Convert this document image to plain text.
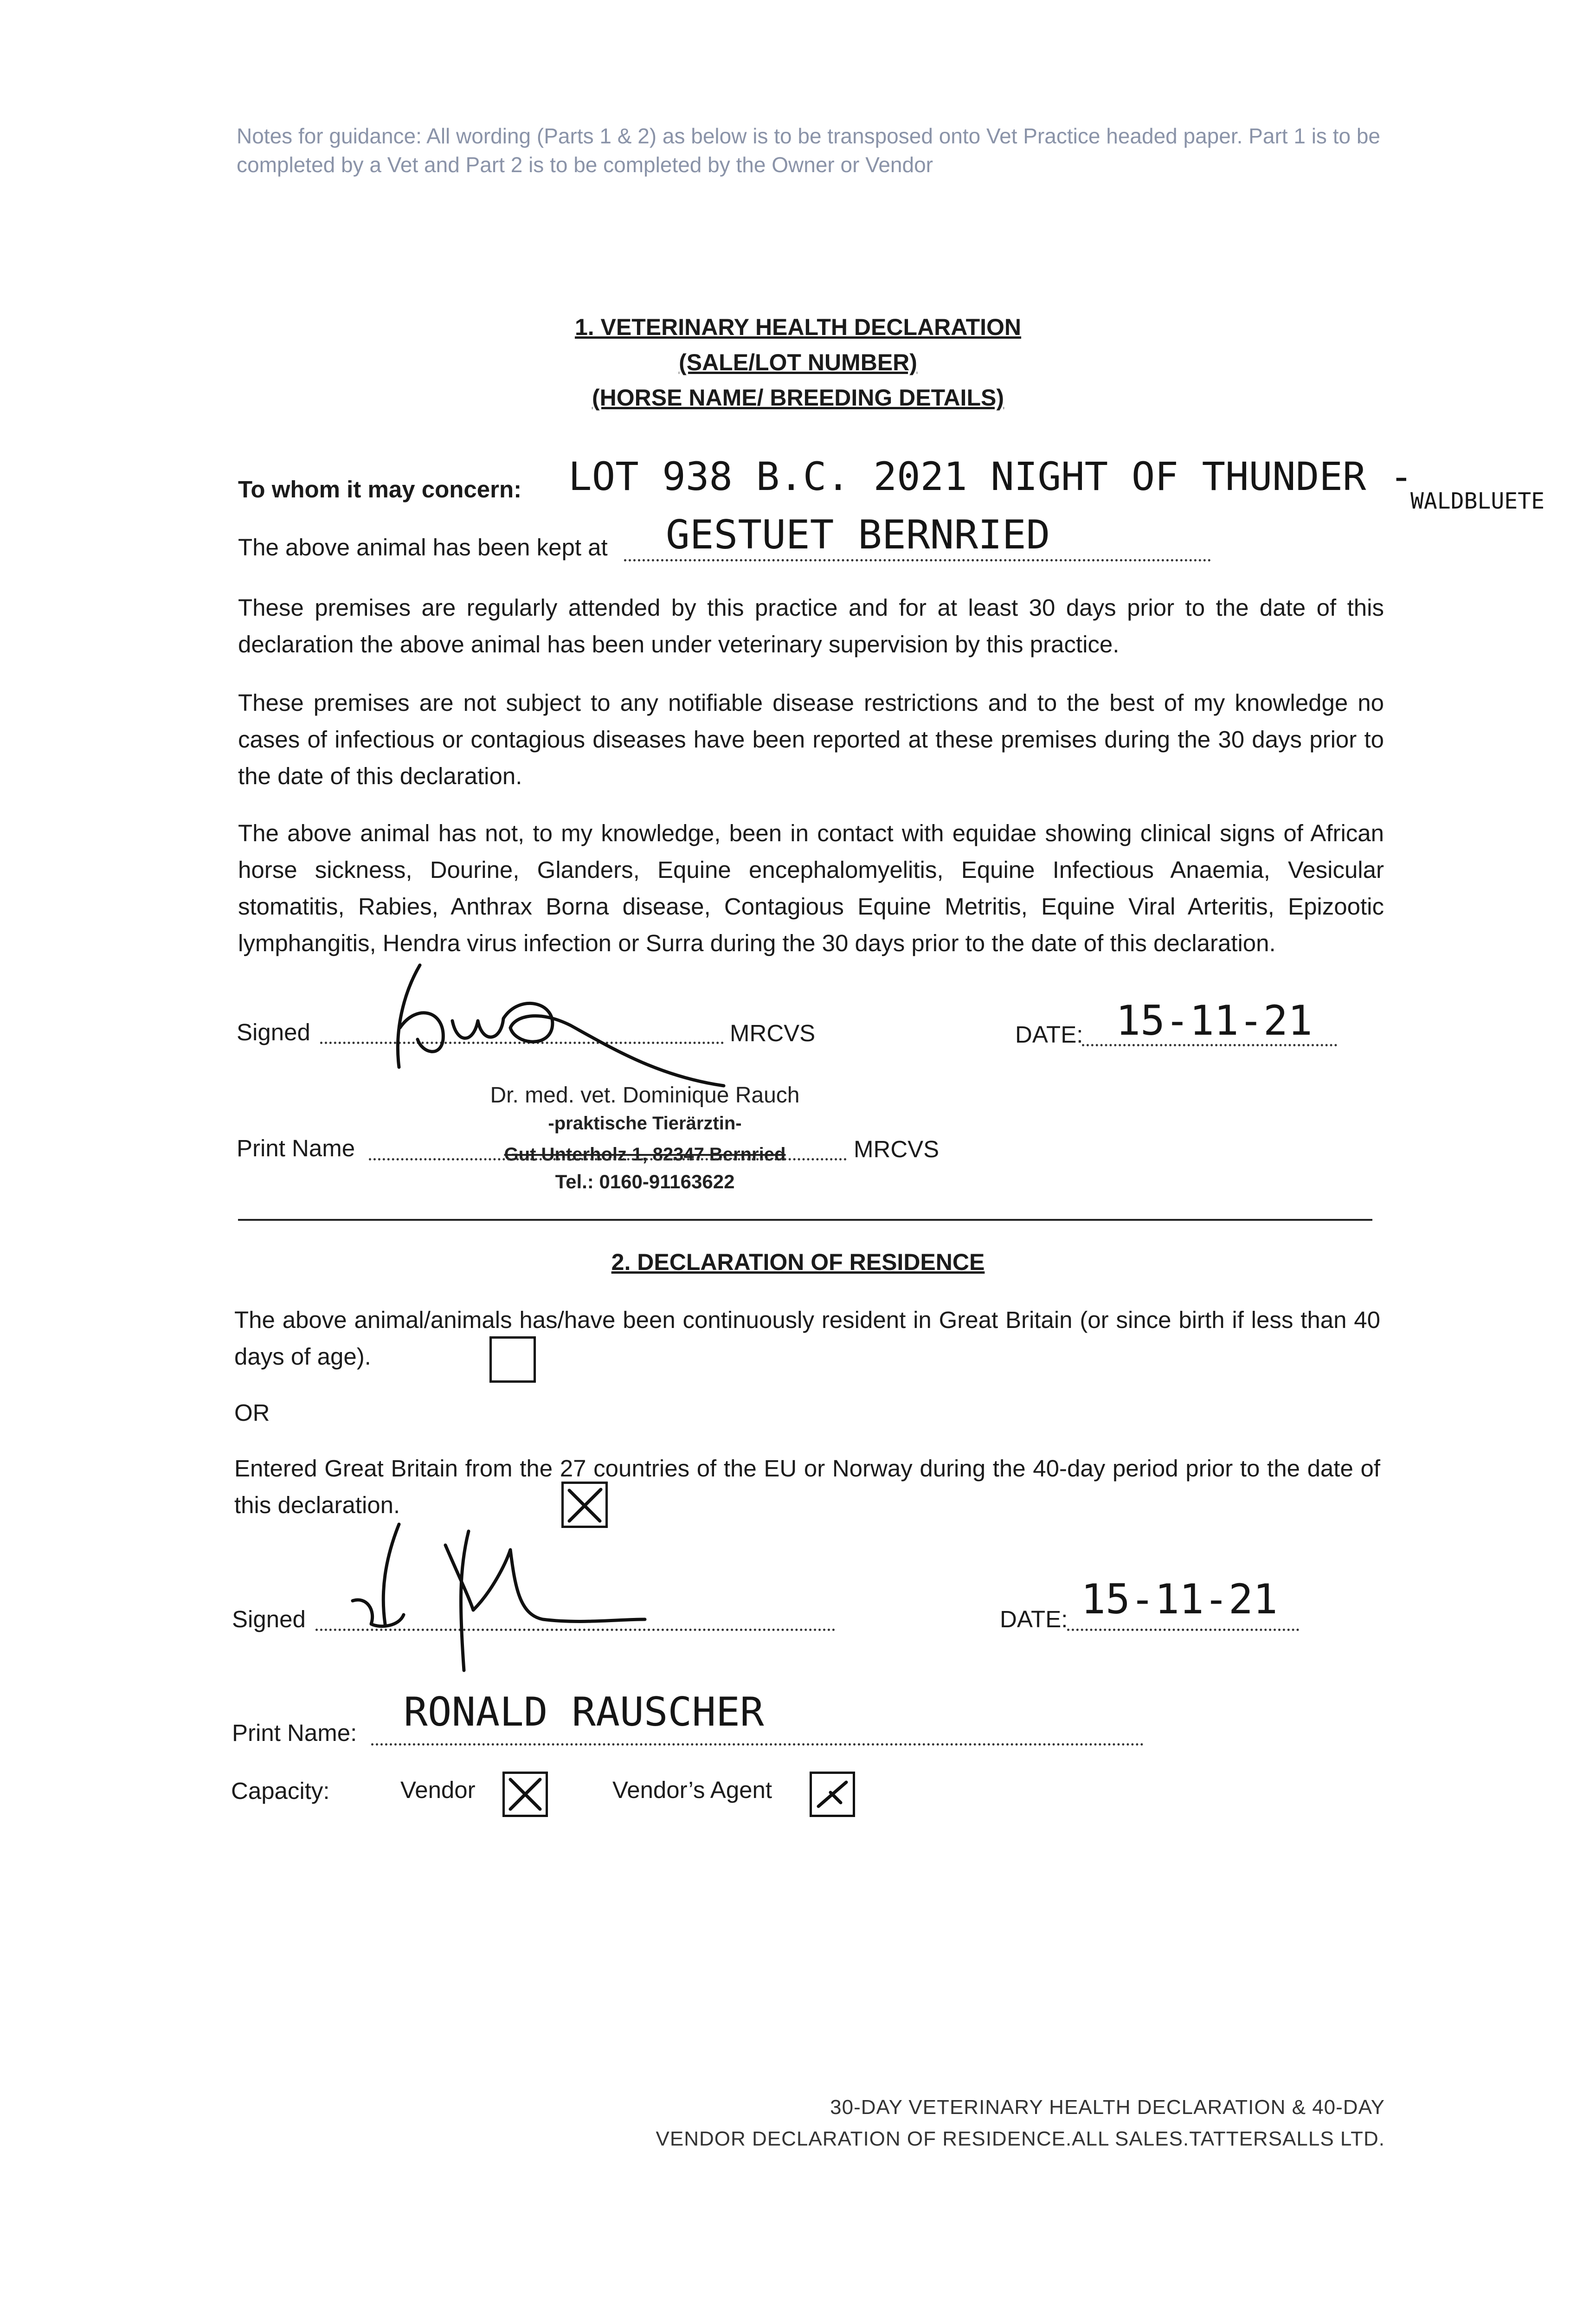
Notes for guidance: All wording (Parts 1 & 2) as below is to be transposed onto Vet Practice headed paper. Part 1 is to be completed by a Vet and Part 2 is to be completed by the Owner or Vendor
1. VETERINARY HEALTH DECLARATION
(SALE/LOT NUMBER)
(HORSE NAME/ BREEDING DETAILS)
To whom it may concern: LOT 938 B.C. 2021 NIGHT OF THUNDER -
WALDBLUETE
The above animal has been kept at GESTUET BERNRIED
These premises are regularly attended by this practice and for at least 30 days prior to the date of this declaration the above animal has been under veterinary supervision by this practice.
These premises are not subject to any notifiable disease restrictions and to the best of my knowledge no cases of infectious or contagious diseases have been reported at these premises during the 30 days prior to the date of this declaration.
The above animal has not, to my knowledge, been in contact with equidae showing clinical signs of African horse sickness, Dourine, Glanders, Equine encephalomyelitis, Equine Infectious Anaemia, Vesicular stomatitis, Rabies, Anthrax Borna disease, Contagious Equine Metritis, Equine Viral Arteritis, Epizootic lymphangitis, Hendra virus infection or Surra during the 30 days prior to the date of this declaration.
Signed	MRCVS	DATE: 15-11-21
Dr. med. vet. Dominique Rauch
-praktische Tierärztin-
Gut Unterholz 1, 82347 Bernried
Tel.: 0160-91163622
Print Name	MRCVS
2. DECLARATION OF RESIDENCE
The above animal/animals has/have been continuously resident in Great Britain (or since birth if less than 40 days of age).
OR
Entered Great Britain from the 27 countries of the EU or Norway during the 40-day period prior to the date of this declaration.
Signed	DATE: 15-11-21
Print Name: RONALD RAUSCHER
Capacity:	Vendor	Vendor’s Agent
30-DAY VETERINARY HEALTH DECLARATION & 40-DAY
VENDOR DECLARATION OF RESIDENCE.ALL SALES.TATTERSALLS LTD.
